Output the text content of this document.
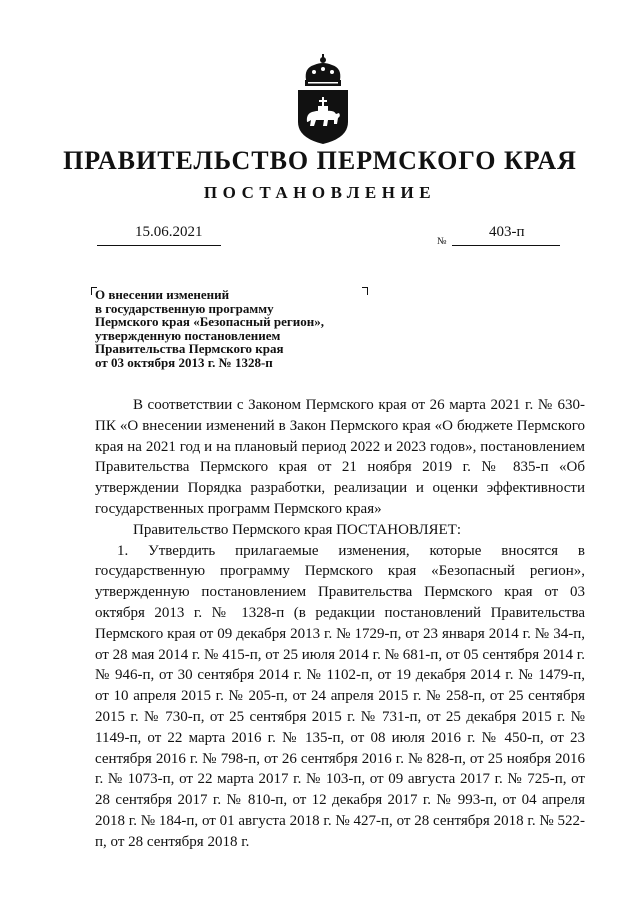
ПРАВИТЕЛЬСТВО ПЕРМСКОГО КРАЯ
ПОСТАНОВЛЕНИЕ
15.06.2021
№
403-п
О внесении изменений
в государственную программу
Пермского края «Безопасный регион»,
утвержденную постановлением
Правительства Пермского края
от 03 октября 2013 г. № 1328-п

В соответствии с Законом Пермского края от 26 марта 2021 г. № 630-ПК «О внесении изменений в Закон Пермского края «О бюджете Пермского края на 2021 год и на плановый период 2022 и 2023 годов», постановлением Правительства Пермского края от 21 ноября 2019 г. № 835-п «Об утверждении Порядка разработки, реализации и оценки эффективности государственных программ Пермского края»

Правительство Пермского края ПОСТАНОВЛЯЕТ:

1. Утвердить прилагаемые изменения, которые вносятся в государственную программу Пермского края «Безопасный регион», утвержденную постановлением Правительства Пермского края от 03 октября 2013 г. № 1328-п (в редакции постановлений Правительства Пермского края от 09 декабря 2013 г. № 1729-п, от 23 января 2014 г. № 34-п, от 28 мая 2014 г. № 415-п, от 25 июля 2014 г. № 681-п, от 05 сентября 2014 г. № 946-п, от 30 сентября 2014 г. № 1102-п, от 19 декабря 2014 г. № 1479-п, от 10 апреля 2015 г. № 205-п, от 24 апреля 2015 г. № 258-п, от 25 сентября 2015 г. № 730-п, от 25 сентября 2015 г. № 731-п, от 25 декабря 2015 г. № 1149-п, от 22 марта 2016 г. № 135-п, от 08 июля 2016 г. № 450-п, от 23 сентября 2016 г. № 798-п, от 26 сентября 2016 г. № 828-п, от 25 ноября 2016 г. № 1073-п, от 22 марта 2017 г. № 103-п, от 09 августа 2017 г. № 725-п, от 28 сентября 2017 г. № 810-п, от 12 декабря 2017 г. № 993-п, от 04 апреля 2018 г. № 184-п, от 01 августа 2018 г. № 427-п, от 28 сентября 2018 г. № 522-п, от 28 сентября 2018 г.
